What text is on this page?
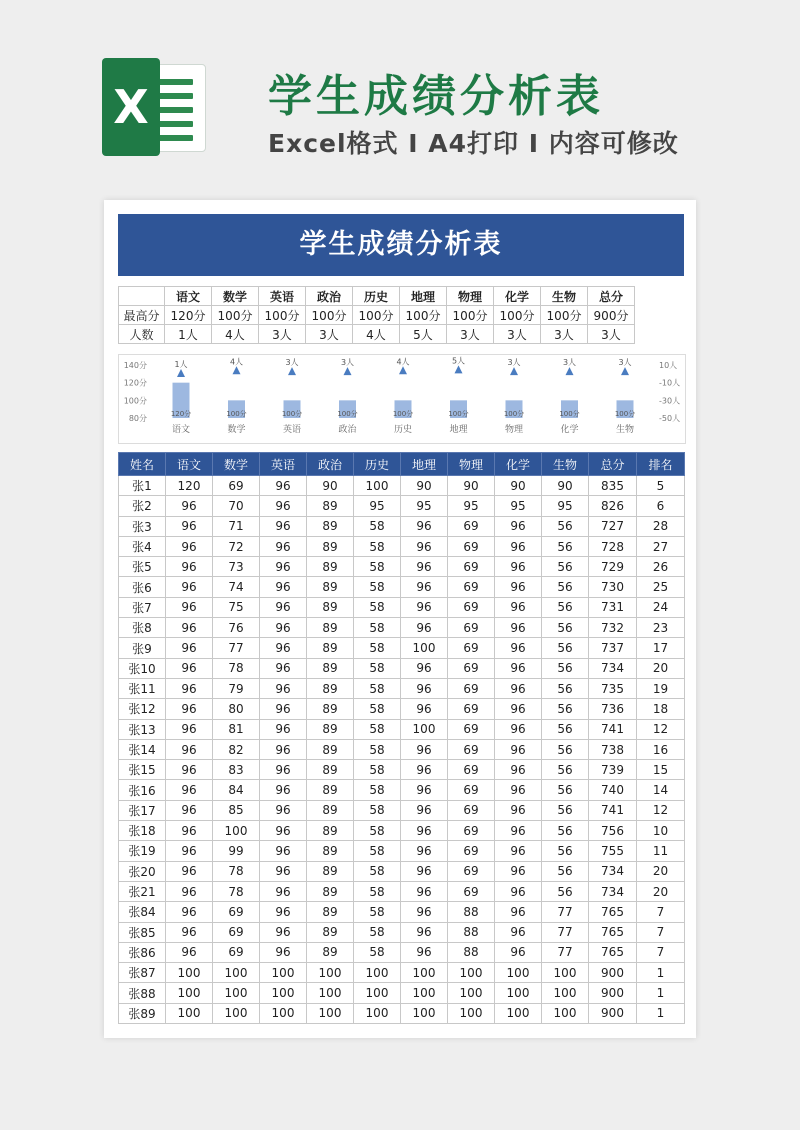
X	学生成绩分析表
Excel格式 I A4打印 I 内容可修改
学生成绩分析表
	语文	数学	英语	政治	历史	地理	物理	化学	生物	总分
最高分	120分	100分	100分	100分	100分	100分	100分	100分	100分	900分
人数	1人	4人	3人	3人	4人	5人	3人	3人	3人	3人
140分
120分
100分
80分
10人
-10人
-30人
-50人
120分
1人
语文
100分
4人
数学
100分
3人
英语
100分
3人
政治
100分
4人
历史
100分
5人
地理
100分
3人
物理
100分
3人
化学
100分
3人
生物
姓名	语文	数学	英语	政治	历史	地理	物理	化学	生物	总分	排名
张1	120	69	96	90	100	90	90	90	90	835	5
张2	96	70	96	89	95	95	95	95	95	826	6
张3	96	71	96	89	58	96	69	96	56	727	28
张4	96	72	96	89	58	96	69	96	56	728	27
张5	96	73	96	89	58	96	69	96	56	729	26
张6	96	74	96	89	58	96	69	96	56	730	25
张7	96	75	96	89	58	96	69	96	56	731	24
张8	96	76	96	89	58	96	69	96	56	732	23
张9	96	77	96	89	58	100	69	96	56	737	17
张10	96	78	96	89	58	96	69	96	56	734	20
张11	96	79	96	89	58	96	69	96	56	735	19
张12	96	80	96	89	58	96	69	96	56	736	18
张13	96	81	96	89	58	100	69	96	56	741	12
张14	96	82	96	89	58	96	69	96	56	738	16
张15	96	83	96	89	58	96	69	96	56	739	15
张16	96	84	96	89	58	96	69	96	56	740	14
张17	96	85	96	89	58	96	69	96	56	741	12
张18	96	100	96	89	58	96	69	96	56	756	10
张19	96	99	96	89	58	96	69	96	56	755	11
张20	96	78	96	89	58	96	69	96	56	734	20
张21	96	78	96	89	58	96	69	96	56	734	20
张84	96	69	96	89	58	96	88	96	77	765	7
张85	96	69	96	89	58	96	88	96	77	765	7
张86	96	69	96	89	58	96	88	96	77	765	7
张87	100	100	100	100	100	100	100	100	100	900	1
张88	100	100	100	100	100	100	100	100	100	900	1
张89	100	100	100	100	100	100	100	100	100	900	1
